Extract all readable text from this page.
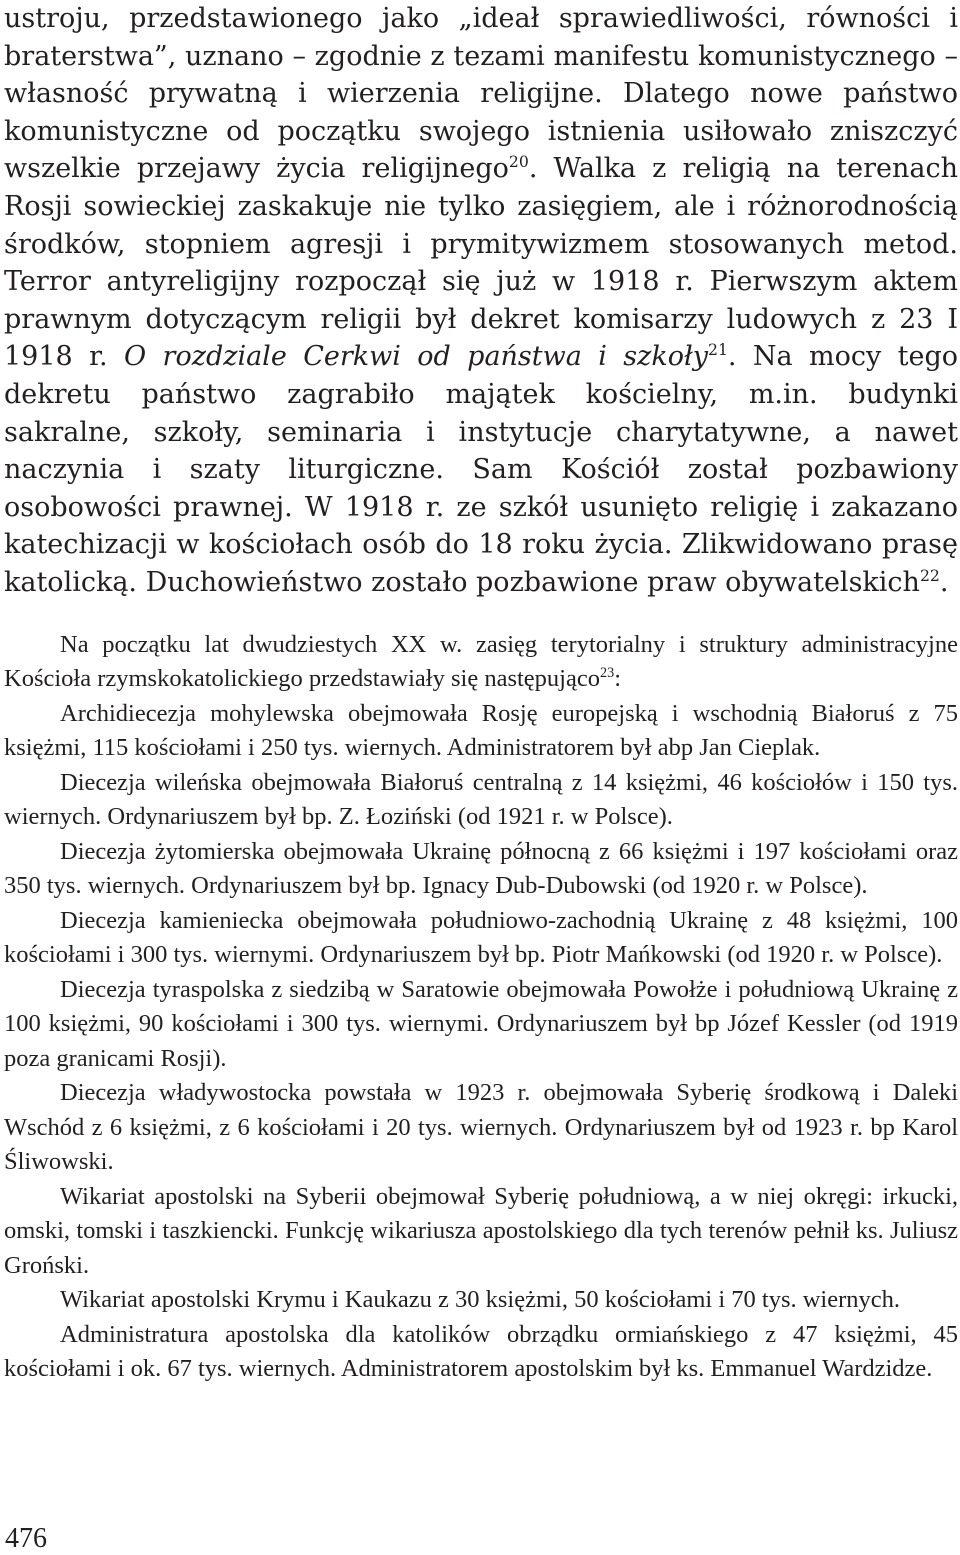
ustroju, przedstawionego jako „ideał sprawiedliwości, równości i braterstwa”, uznano – zgodnie z tezami manifestu komunistycznego – własność prywatną i wierzenia religijne. Dlatego nowe państwo komunistyczne od początku swojego istnienia usiłowało zniszczyć wszelkie przejawy życia religijnego$^{20}$. Walka z religią na terenach Rosji sowieckiej zaskakuje nie tylko zasięgiem, ale i różnorodnością środków, stopniem agresji i prymitywizmem stosowanych metod. Terror antyreligijny rozpoczął się już w 1918 r. Pierwszym aktem prawnym dotyczącym religii był dekret komisarzy ludowych z 23 I 1918 r. O rozdziale Cerkwi od państwa i szkoły$^{21}$. Na mocy tego dekretu państwo zagrabiło majątek kościelny, m.in. budynki sakralne, szkoły, seminaria i instytucje charytatywne, a nawet naczynia i szaty liturgiczne. Sam Kościół został pozbawiony osobowości prawnej. W 1918 r. ze szkół usunięto religię i zakazano katechizacji w kościołach osób do 18 roku życia. Zlikwidowano prasę katolicką. Duchowieństwo zostało pozbawione praw obywatelskich$^{22}$.

Na początku lat dwudziestych XX w. zasięg terytorialny i struktury administracyjne Kościoła rzymskokatolickiego przedstawiały się następująco$^{23}$:

Archidiecezja mohylewska obejmowała Rosję europejską i wschodnią Białoruś z 75 księżmi, 115 kościołami i 250 tys. wiernych. Administratorem był abp Jan Cieplak.

Diecezja wileńska obejmowała Białoruś centralną z 14 księżmi, 46 kościołów i 150 tys. wiernych. Ordynariuszem był bp. Z. Łoziński (od 1921 r. w Polsce).

Diecezja żytomierska obejmowała Ukrainę północną z 66 księżmi i 197 kościołami oraz 350 tys. wiernych. Ordynariuszem był bp. Ignacy Dub-Dubowski (od 1920 r. w Polsce).

Diecezja kamieniecka obejmowała południowo-zachodnią Ukrainę z 48 księżmi, 100 kościołami i 300 tys. wiernymi. Ordynariuszem był bp. Piotr Mańkowski (od 1920 r. w Polsce).

Diecezja tyraspolska z siedzibą w Saratowie obejmowała Powołże i południową Ukrainę z 100 księżmi, 90 kościołami i 300 tys. wiernymi. Ordynariuszem był bp Józef Kessler (od 1919 poza granicami Rosji).

Diecezja władywostocka powstała w 1923 r. obejmowała Syberię środkową i Daleki Wschód z 6 księżmi, z 6 kościołami i 20 tys. wiernych. Ordynariuszem był od 1923 r. bp Karol Śliwowski.

Wikariat apostolski na Syberii obejmował Syberię południową, a w niej okręgi: irkucki, omski, tomski i taszkiencki. Funkcję wikariusza apostolskiego dla tych terenów pełnił ks. Juliusz Groński.

Wikariat apostolski Krymu i Kaukazu z 30 księżmi, 50 kościołami i 70 tys. wiernych.

Administratura apostolska dla katolików obrządku ormiańskiego z 47 księżmi, 45 kościołami i ok. 67 tys. wiernych. Administratorem apostolskim był ks. Emmanuel Wardzidze.

476
